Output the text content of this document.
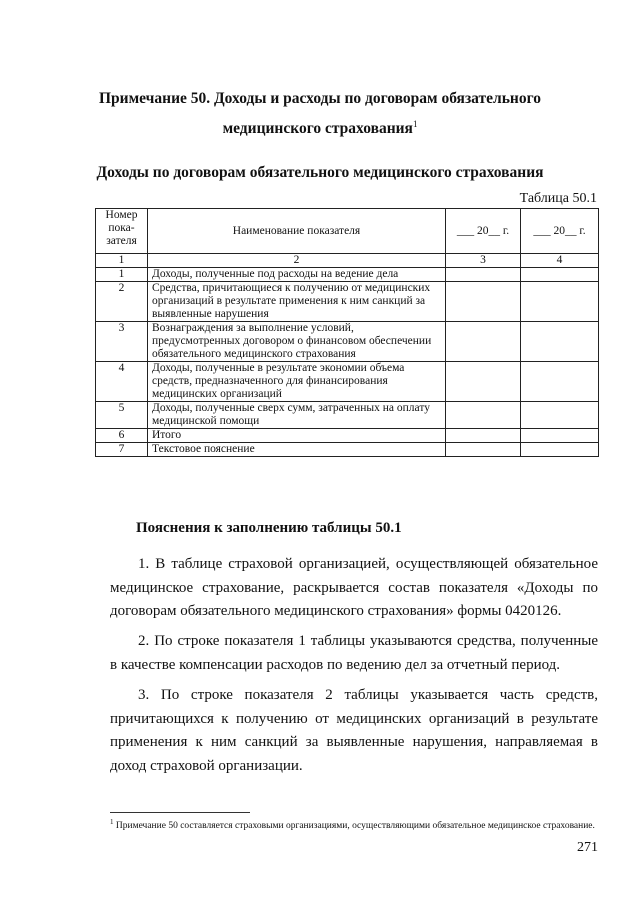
Примечание 50. Доходы и расходы по договорам обязательного

медицинского страхования$^1$

Доходы по договорам обязательного медицинского страхования

Таблица 50.1
Номер пока-зателя	Наименование показателя	___ 20__ г.	___ 20__ г.
1	2	3	4
1	Доходы, полученные под расходы на ведение дела		
2	Средства, причитающиеся к получению от медицинских организаций в результате применения к ним санкций за выявленные нарушения		
3	Вознаграждения за выполнение условий, предусмотренных договором о финансовом обеспечении обязательного медицинского страхования		
4	Доходы, полученные в результате экономии объема средств, предназначенного для финансирования медицинских организаций		
5	Доходы, полученные сверх сумм, затраченных на оплату медицинской помощи		
6	Итого		
7	Текстовое пояснение		

Пояснения к заполнению таблицы 50.1

1. В таблице страховой организацией, осуществляющей обязательное медицинское страхование, раскрывается состав показателя «Доходы по договорам обязательного медицинского страхования» формы 0420126.

2. По строке показателя 1 таблицы указываются средства, полученные в качестве компенсации расходов по ведению дел за отчетный период.

3. По строке показателя 2 таблицы указывается часть средств, причитающихся к получению от медицинских организаций в результате применения к ним санкций за выявленные нарушения, направляемая в доход страховой организации.

$^1$ Примечание 50 составляется страховыми организациями, осуществляющими обязательное медицинское страхование.

271
